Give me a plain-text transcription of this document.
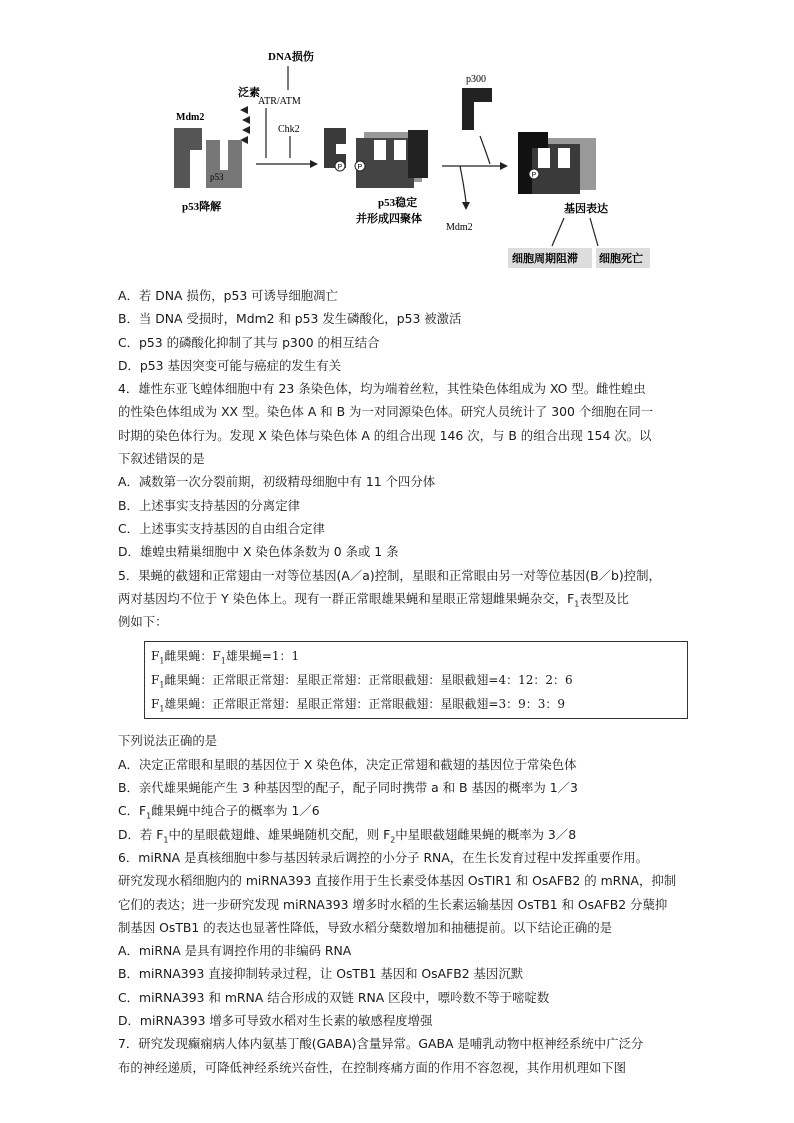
DNA损伤
泛素
ATR/ATM
Chk2
Mdm2
p53
p53降解
P P
p53稳定
并形成四聚体
p300
Mdm2
P
基因表达
细胞周期阻滞 细胞死亡
A．若 DNA 损伤，p53 可诱导细胞凋亡
B．当 DNA 受损时，Mdm2 和 p53 发生磷酸化，p53 被激活
C．p53 的磷酸化抑制了其与 p300 的相互结合
D．p53 基因突变可能与癌症的发生有关
4．雄性东亚飞蝗体细胞中有 23 条染色体，均为端着丝粒，其性染色体组成为 XO 型。雌性蝗虫
的性染色体组成为 XX 型。染色体 A 和 B 为一对同源染色体。研究人员统计了 300 个细胞在同一
时期的染色体行为。发现 X 染色体与染色体 A 的组合出现 146 次，与 B 的组合出现 154 次。以
下叙述错误的是
A．减数第一次分裂前期，初级精母细胞中有 11 个四分体
B．上述事实支持基因的分离定律
C．上述事实支持基因的自由组合定律
D．雄蝗虫精巢细胞中 X 染色体条数为 0 条或 1 条
5．果蝇的截翅和正常翅由一对等位基因(A／a)控制，星眼和正常眼由另一对等位基因(B／b)控制，
两对基因均不位于 Y 染色体上。现有一群正常眼雄果蝇和星眼正常翅雌果蝇杂交，$F_1$表型及比
例如下：
$F_1$雌果蝇：$F_1$雄果蝇=1：1
$F_1$雌果蝇：正常眼正常翅：星眼正常翅：正常眼截翅：星眼截翅=4：12：2：6
$F_1$雄果蝇：正常眼正常翅：星眼正常翅：正常眼截翅：星眼截翅=3：9：3：9
下列说法正确的是
A．决定正常眼和星眼的基因位于 X 染色体，决定正常翅和截翅的基因位于常染色体
B．亲代雄果蝇能产生 3 种基因型的配子，配子同时携带 a 和 B 基因的概率为 1／3
C．$F_1$雌果蝇中纯合子的概率为 1／6
D．若 $F_1$中的星眼截翅雌、雄果蝇随机交配，则 $F_2$中星眼截翅雌果蝇的概率为 3／8
6．miRNA 是真核细胞中参与基因转录后调控的小分子 RNA，在生长发育过程中发挥重要作用。
研究发现水稻细胞内的 miRNA393 直接作用于生长素受体基因 OsTIR1 和 OsAFB2 的 mRNA，抑制
它们的表达；进一步研究发现 miRNA393 增多时水稻的生长素运输基因 OsTB1 和 OsAFB2 分蘖抑
制基因 OsTB1 的表达也显著性降低，导致水稻分蘖数增加和抽穗提前。以下结论正确的是
A．miRNA 是具有调控作用的非编码 RNA
B．miRNA393 直接抑制转录过程，让 OsTB1 基因和 OsAFB2 基因沉默
C．miRNA393 和 mRNA 结合形成的双链 RNA 区段中，嘌呤数不等于嘧啶数
D．miRNA393 增多可导致水稻对生长素的敏感程度增强
7．研究发现癫痫病人体内氨基丁酸(GABA)含量异常。GABA 是哺乳动物中枢神经系统中广泛分
布的神经递质，可降低神经系统兴奋性，在控制疼痛方面的作用不容忽视，其作用机理如下图
